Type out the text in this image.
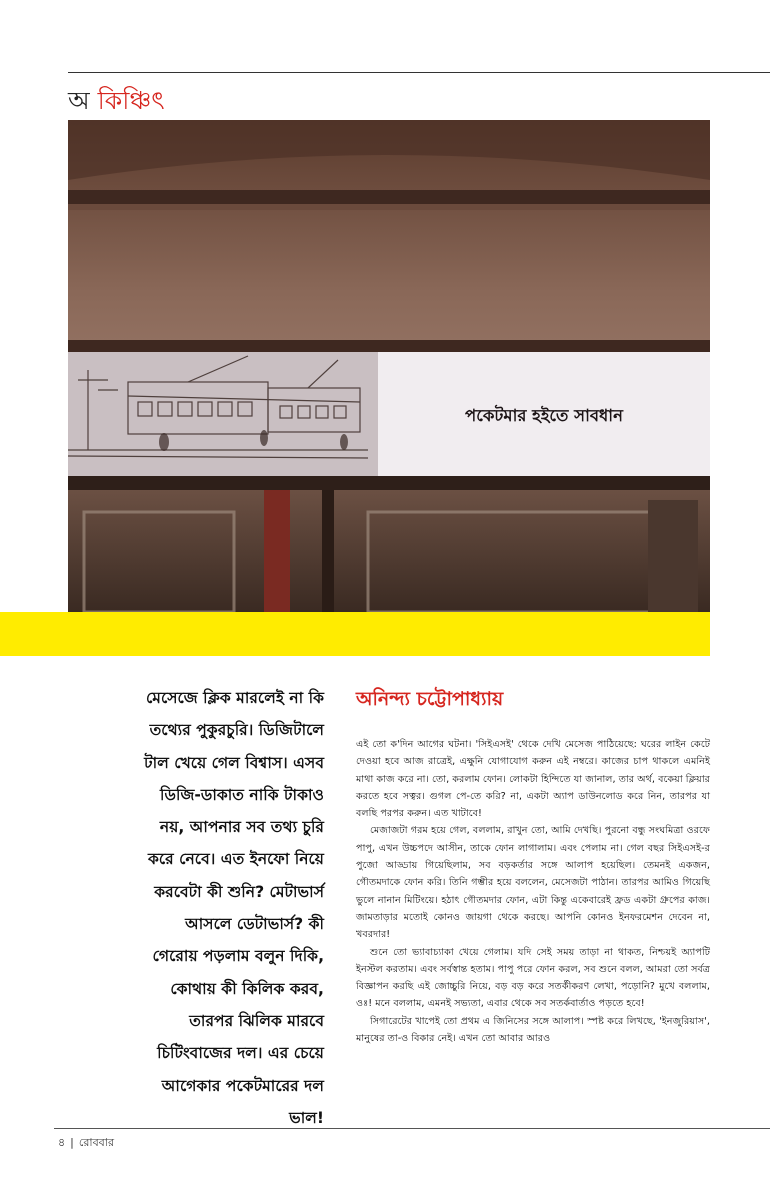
অ কিঞ্চিৎ
পকেটমার হইতে সাবধান

মেসেজে ক্লিক মারলেই না কি তথ্যের পুকুরচুরি। ডিজিটালে টাল খেয়ে গেল বিশ্বাস। এসব ডিজি-ডাকাত নাকি টাকাও নয়, আপনার সব তথ্য চুরি করে নেবে। এত ইনফো নিয়ে করবেটা কী শুনি? মেটাভার্স আসলে ডেটাভার্স? কী গেরোয় পড়লাম বলুন দিকি, কোথায় কী কিলিক করব, তারপর ঝিলিক মারবে চিটিংবাজের দল। এর চেয়ে আগেকার পকেটমারের দল ভাল!

অনিন্দ্য চট্টোপাধ্যায়

এই তো ক'দিন আগের ঘটনা। 'সিইএসই' থেকে দেখি মেসেজ পাঠিয়েছে: ঘরের লাইন কেটে দেওয়া হবে আজ রাত্রেই, এক্ষুনি যোগাযোগ করুন এই নম্বরে। কাজের চাপ থাকলে এমনিই মাথা কাজ করে না। তো, করলাম ফোন। লোকটা হিন্দিতে যা জানাল, তার অর্থ, বকেয়া ক্লিয়ার করতে হবে সত্বর। গুগল পে-তে করি? না, একটা অ্যাপ ডাউনলোড করে নিন, তারপর যা বলছি পরপর করুন। এত খাটাবে!

মেজাজটা গরম হয়ে গেল, বললাম, রাখুন তো, আমি দেখছি। পুরনো বন্ধু সংঘমিত্রা ওরফে পাপু, এখন উচ্চপদে আসীন, তাকে ফোন লাগালাম। এবং পেলাম না। গেল বছর সিইএসই-র পুজো আড্ডায় গিয়েছিলাম, সব বড়কর্তার সঙ্গে আলাপ হয়েছিল। তেমনই একজন, গৌতমদাকে ফোন করি। তিনি গম্ভীর হয়ে বললেন, মেসেজটা পাঠান। তারপর আমিও গিয়েছি ভুলে নানান মিটিংয়ে। হঠাৎ গৌতমদার ফোন, এটা কিন্তু একেবারেই ফ্রড একটা গ্রুপের কাজ। জামতাড়ার মতোই কোনও জায়গা থেকে করছে। আপনি কোনও ইনফরমেশন দেবেন না, খবরদার!

শুনে তো ভ্যাবাচ্যাকা খেয়ে গেলাম। যদি সেই সময় তাড়া না থাকত, নিশ্চয়ই অ্যাপটি ইনস্টল করতাম। এবং সর্বস্বান্ত হতাম। পাপু পরে ফোন করল, সব শুনে বলল, আমরা তো সর্বত্র বিজ্ঞাপন করছি এই জোচ্চুরি নিয়ে, বড় বড় করে সতর্কীকরণ লেখা, পড়োনি? মুখে বললাম, ওঃ! মনে বললাম, এমনই সভ্যতা, এবার থেকে সব সতর্কবার্তাও পড়তে হবে!

সিগারেটের খাপেই তো প্রথম এ জিনিসের সঙ্গে আলাপ। স্পষ্ট করে লিখছে, 'ইনজুরিয়াস', মানুষের তা-ও বিকার নেই। এখন তো আবার আরও

৪ | রোববার
